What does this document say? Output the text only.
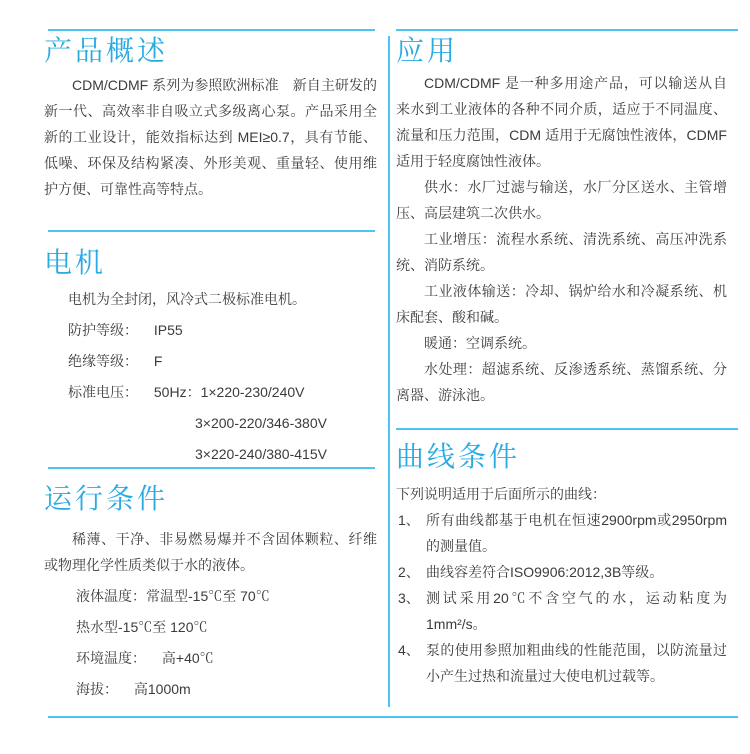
产品概述

CDM/CDMF 系列为参照欧洲标准　新自主研发的新一代、高效率非自吸立式多级离心泵。产品采用全新的工业设计，能效指标达到 MEI≥0.7，具有节能、低噪、环保及结构紧凑、外形美观、重量轻、使用维护方便、可靠性高等特点。

电机
电机为全封闭，风冷式二极标准电机。
防护等级： IP55
绝缘等级： F
标准电压： 50Hz：1×220-230/240V
3×200-220/346-380V
3×220-240/380-415V
运行条件

稀薄、干净、非易燃易爆并不含固体颗粒、纤维或物理化学性质类似于水的液体。

液体温度：常温型-15℃至 70℃
热水型-15℃至 120℃
环境温度： 高+40℃
海拔： 高1000m
应用

CDM/CDMF 是一种多用途产品，可以输送从自来水到工业液体的各种不同介质，适应于不同温度、流量和压力范围，CDM 适用于无腐蚀性液体，CDMF 适用于轻度腐蚀性液体。

供水：水厂过滤与输送，水厂分区送水、主管增压、高层建筑二次供水。

工业增压：流程水系统、清洗系统、高压冲洗系统、消防系统。

工业液体输送：冷却、锅炉给水和冷凝系统、机床配套、酸和碱。

暖通：空调系统。

水处理：超滤系统、反渗透系统、蒸馏系统、分离器、游泳池。

曲线条件
下列说明适用于后面所示的曲线：
1、 所有曲线都基于电机在恒速2900rpm或2950rpm的测量值。
2、 曲线容差符合ISO9906:2012,3B等级。
3、 测试采用20℃不含空气的水，运动粘度为1mm²/s。
4、 泵的使用参照加粗曲线的性能范围，以防流量过小产生过热和流量过大使电机过载等。
